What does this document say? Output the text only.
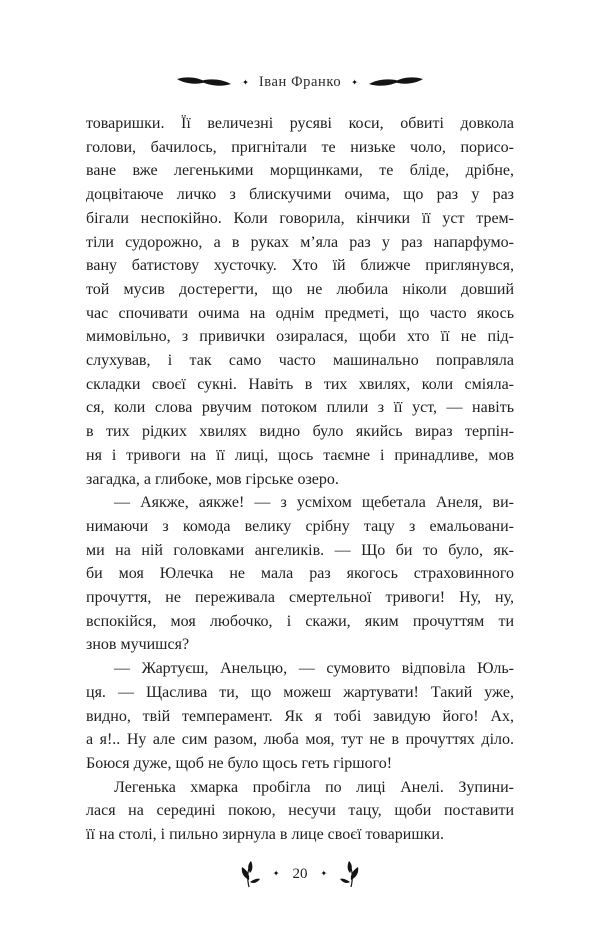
✦ Іван Франко ✦
товаришки. Її величезні русяві коси, обвиті довкола
голови, бачилось, пригнітали те низьке чоло, порисо-
ване вже легенькими морщинками, те бліде, дрібне,
доцвітаюче личко з блискучими очима, що раз у раз
бігали неспокійно. Коли говорила, кінчики її уст трем-
тіли судорожно, а в руках м’яла раз у раз напарфумо-
вану батистову хусточку. Хто їй ближче приглянувся,
той мусив достерегти, що не любила ніколи довший
час спочивати очима на однім предметі, що часто якось
мимовільно, з привички озиралася, щоби хто її не під-
слухував, і так само часто машинально поправляла
складки своєї сукні. Навіть в тих хвилях, коли сміяла-
ся, коли слова рвучим потоком плили з її уст, — навіть
в тих рідких хвилях видно було якийсь вираз терпін-
ня і тривоги на її лиці, щось таємне і принадливе, мов
загадка, а глибоке, мов гірське озеро.
— Аякже, аякже! — з усміхом щебетала Анеля, ви-
нимаючи з комода велику срібну тацу з емальовани-
ми на ній головками ангеликів. — Що би то було, як-
би моя Юлечка не мала раз якогось страховинного
прочуття, не переживала смертельної тривоги! Ну, ну,
вспокійся, моя любочко, і скажи, яким прочуттям ти
знов мучишся?
— Жартуєш, Анельцю, — сумовито відповіла Юль-
ця. — Щаслива ти, що можеш жартувати! Такий уже,
видно, твій темперамент. Як я тобі завидую його! Ах,
а я!.. Ну але сим разом, люба моя, тут не в прочуттях діло.
Боюся дуже, щоб не було щось геть гіршого!
Легенька хмарка пробігла по лиці Анелі. Зупини-
лася на середині покою, несучи тацу, щоби поставити
її на столі, і пильно зирнула в лице своєї товаришки.
✦ 20 ✦
